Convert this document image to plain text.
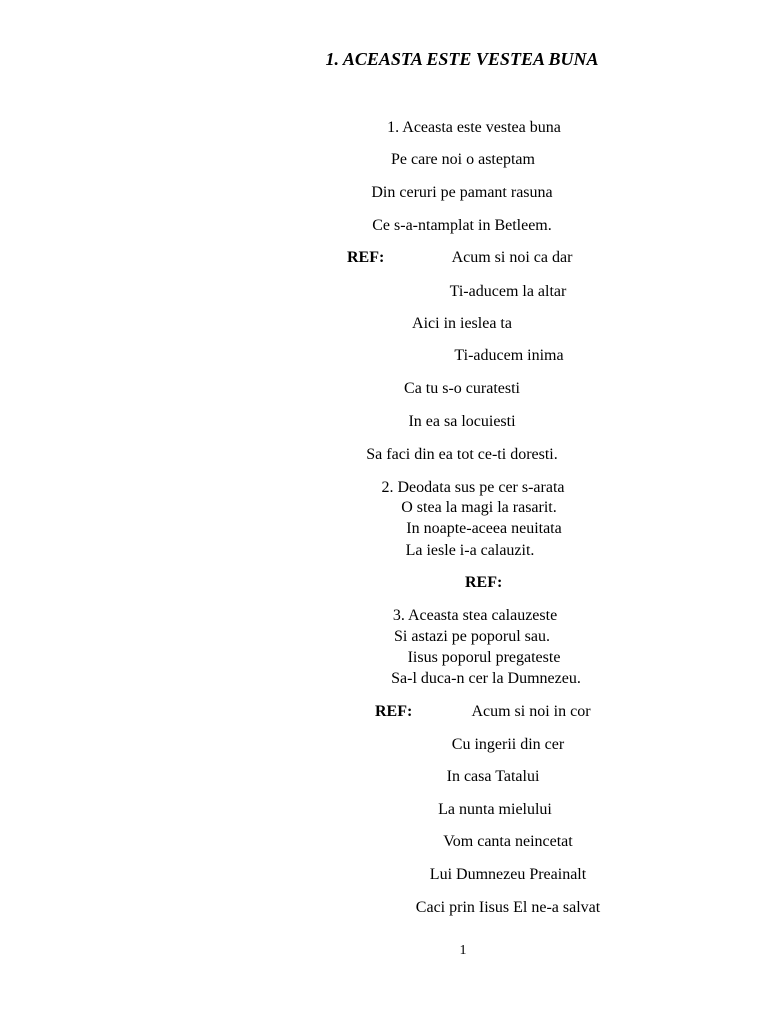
1. ACEASTA ESTE VESTEA BUNA
1. Aceasta este vestea buna
Pe care noi o asteptam
Din ceruri pe pamant rasuna
Ce s-a-ntamplat in Betleem.
REF:	Acum si noi ca dar
Ti-aducem la altar
Aici in ieslea ta
Ti-aducem inima
Ca tu s-o curatesti
In ea sa locuiesti
Sa faci din ea tot ce-ti doresti.
2. Deodata sus pe cer s-arata
O stea la magi la rasarit.
In noapte-aceea neuitata
La iesle i-a calauzit.
REF:
3. Aceasta stea calauzeste
Si astazi pe poporul sau.
Iisus poporul pregateste
Sa-l duca-n cer la Dumnezeu.
REF:	Acum si noi in cor
Cu ingerii din cer
In casa Tatalui
La nunta mielului
Vom canta neincetat
Lui Dumnezeu Preainalt
Caci prin Iisus El ne-a salvat
1
